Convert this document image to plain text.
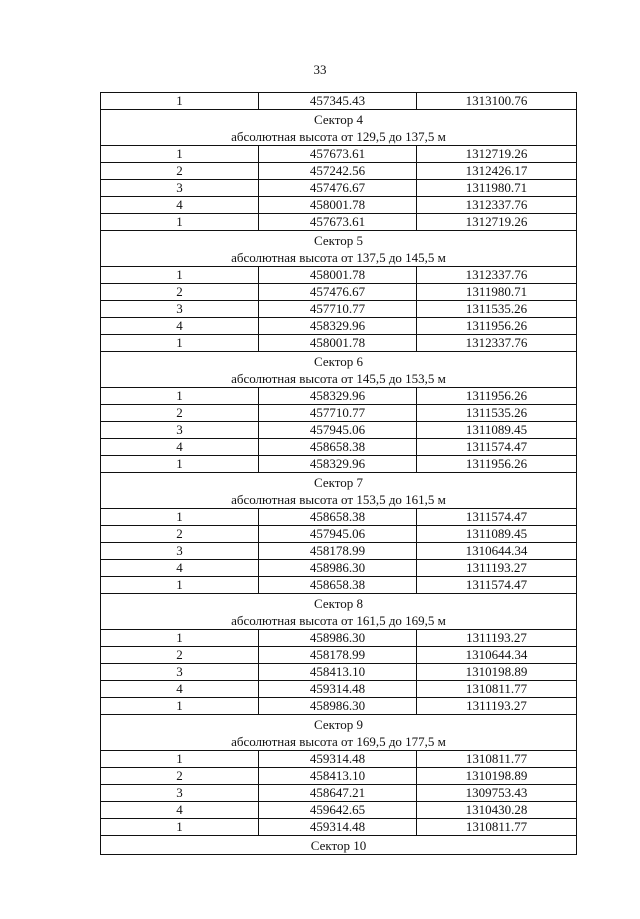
33
1	457345.43	1313100.76

Сектор 4
абсолютная высота от 129,5 до 137,5 м		

1	457673.61	1312719.26
2	457242.56	1312426.17
3	457476.67	1311980.71
4	458001.78	1312337.76
1	457673.61	1312719.26

Сектор 5
абсолютная высота от 137,5 до 145,5 м		

1	458001.78	1312337.76
2	457476.67	1311980.71
3	457710.77	1311535.26
4	458329.96	1311956.26
1	458001.78	1312337.76

Сектор 6
абсолютная высота от 145,5 до 153,5 м		

1	458329.96	1311956.26
2	457710.77	1311535.26
3	457945.06	1311089.45
4	458658.38	1311574.47
1	458329.96	1311956.26

Сектор 7
абсолютная высота от 153,5 до 161,5 м		

1	458658.38	1311574.47
2	457945.06	1311089.45
3	458178.99	1310644.34
4	458986.30	1311193.27
1	458658.38	1311574.47

Сектор 8
абсолютная высота от 161,5 до 169,5 м		

1	458986.30	1311193.27
2	458178.99	1310644.34
3	458413.10	1310198.89
4	459314.48	1310811.77
1	458986.30	1311193.27

Сектор 9
абсолютная высота от 169,5 до 177,5 м		

1	459314.48	1310811.77
2	458413.10	1310198.89
3	458647.21	1309753.43
4	459642.65	1310430.28
1	459314.48	1310811.77

Сектор 10		
